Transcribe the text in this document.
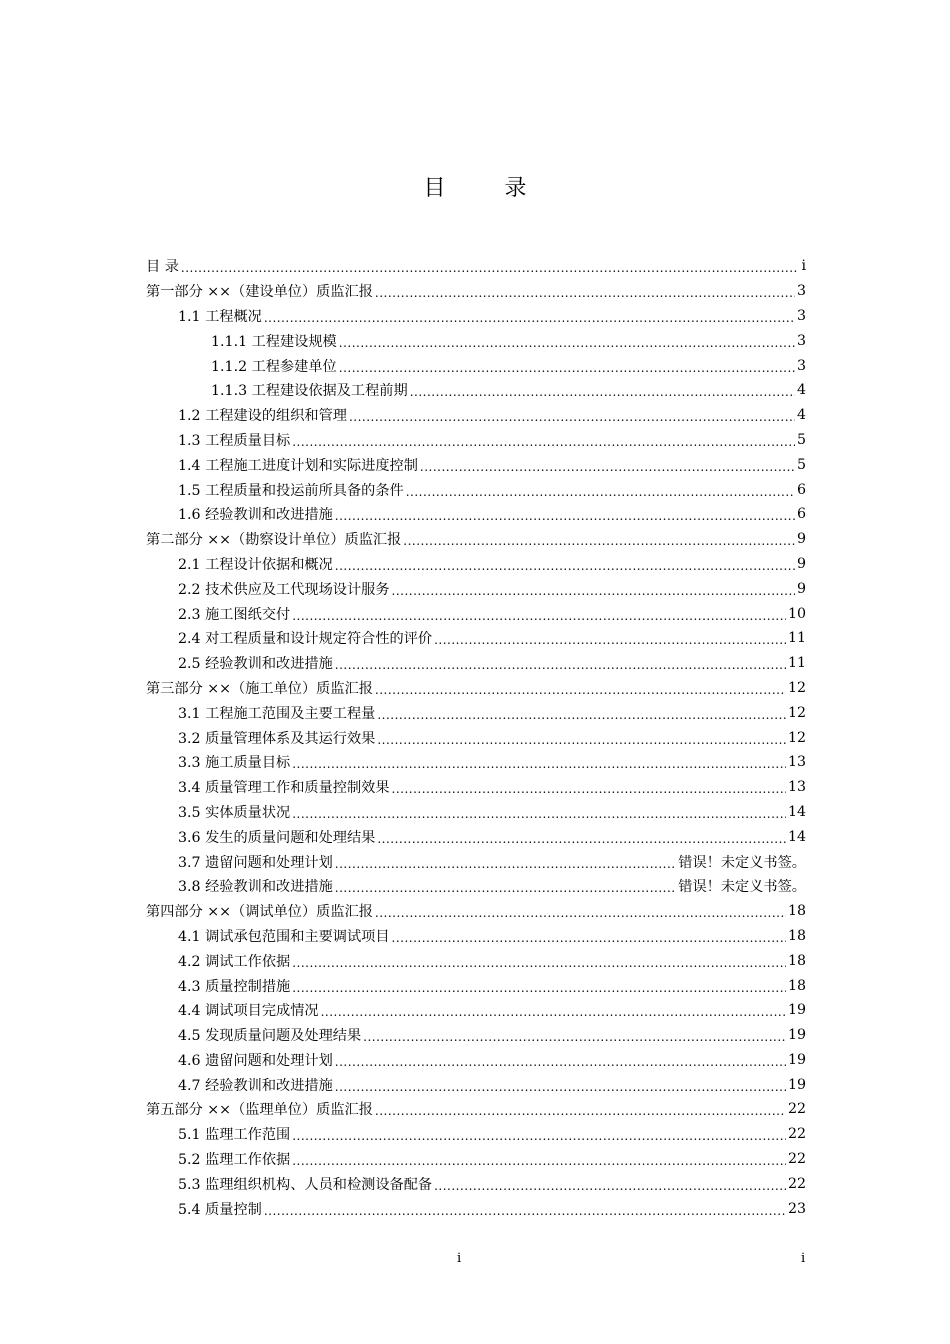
目 录
目 录 .....	i
第一部分 ××（建设单位）质监汇报 .....	3
1.1 工程概况 .....	3
1.1.1 工程建设规模 .....	3
1.1.2 工程参建单位 .....	3
1.1.3 工程建设依据及工程前期 .....	4
1.2 工程建设的组织和管理 .....	4
1.3 工程质量目标 .....	5
1.4 工程施工进度计划和实际进度控制 .....	5
1.5 工程质量和投运前所具备的条件 .....	6
1.6 经验教训和改进措施 .....	6
第二部分 ××（勘察设计单位）质监汇报 .....	9
2.1 工程设计依据和概况 .....	9
2.2 技术供应及工代现场设计服务 .....	9
2.3 施工图纸交付 .....	10
2.4 对工程质量和设计规定符合性的评价 .....	11
2.5 经验教训和改进措施 .....	11
第三部分 ××（施工单位）质监汇报 .....	12
3.1 工程施工范围及主要工程量 .....	12
3.2 质量管理体系及其运行效果 .....	12
3.3 施工质量目标 .....	13
3.4 质量管理工作和质量控制效果 .....	13
3.5 实体质量状况 .....	14
3.6 发生的质量问题和处理结果 .....	14
3.7 遗留问题和处理计划 .....	错误！未定义书签。
3.8 经验教训和改进措施 .....	错误！未定义书签。
第四部分 ××（调试单位）质监汇报 .....	18
4.1 调试承包范围和主要调试项目 .....	18
4.2 调试工作依据 .....	18
4.3 质量控制措施 .....	18
4.4 调试项目完成情况 .....	19
4.5 发现质量问题及处理结果 .....	19
4.6 遗留问题和处理计划 .....	19
4.7 经验教训和改进措施 .....	19
第五部分 ××（监理单位）质监汇报 .....	22
5.1 监理工作范围 .....	22
5.2 监理工作依据 .....	22
5.3 监理组织机构、人员和检测设备配备 .....	22
5.4 质量控制 .....	23
i	i
